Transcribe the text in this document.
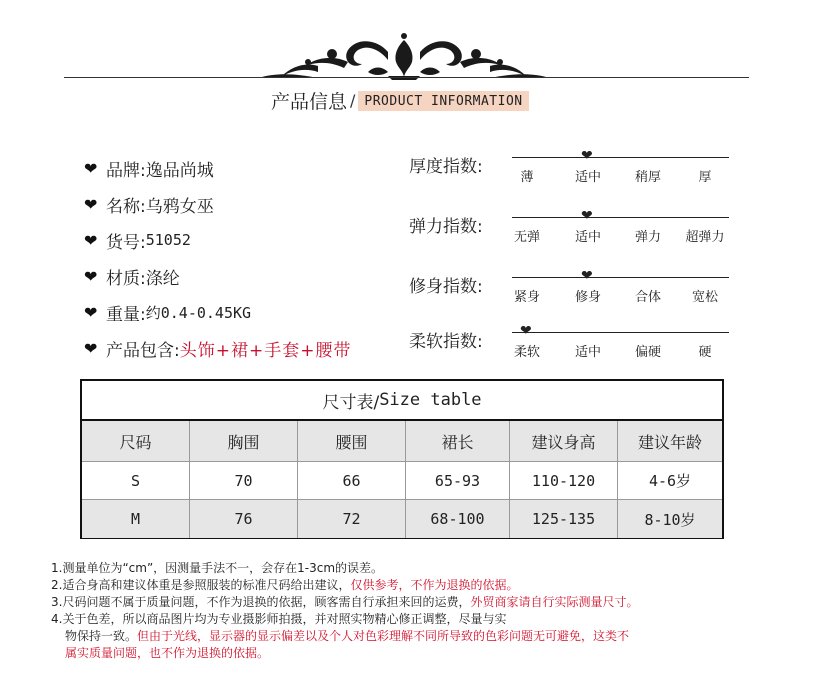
产品信息 / PRODUCT INFORMATION
❤ 品牌: 逸品尚城
❤ 名称: 乌鸦女巫
❤ 货号: 51052
❤ 材质: 涤纶
❤ 重量: 约0.4-0.45KG
❤ 产品包含: 头饰+裙+手套+腰带
厚度指数:
❤
薄	适中	稍厚	厚
弹力指数:
❤
无弹	适中	弹力 超弹力
修身指数:
❤
紧身	修身	合体 宽松
柔软指数:
❤
柔软	适中	偏硬	硬
尺寸表/ Size table
尺码	胸围	腰围	裙长	建议身高	建议年龄
S	70	66	65-93	110-120	4-6岁
M	76	72	68-100	125-135	8-10岁
1.测量单位为“cm”，因测量手法不一，会存在1-3cm的误差。
2.适合身高和建议体重是参照服装的标准尺码给出建议，仅供参考，不作为退换的依据。
3.尺码问题不属于质量问题，不作为退换的依据，顾客需自行承担来回的运费，外贸商家请自行实际测量尺寸。
4.关于色差，所以商品图片均为专业摄影师拍摄，并对照实物精心修正调整，尽量与实
物保持一致。但由于光线，显示器的显示偏差以及个人对色彩理解不同所导致的色彩问题无可避免，这类不
属实质量问题，也不作为退换的依据。
